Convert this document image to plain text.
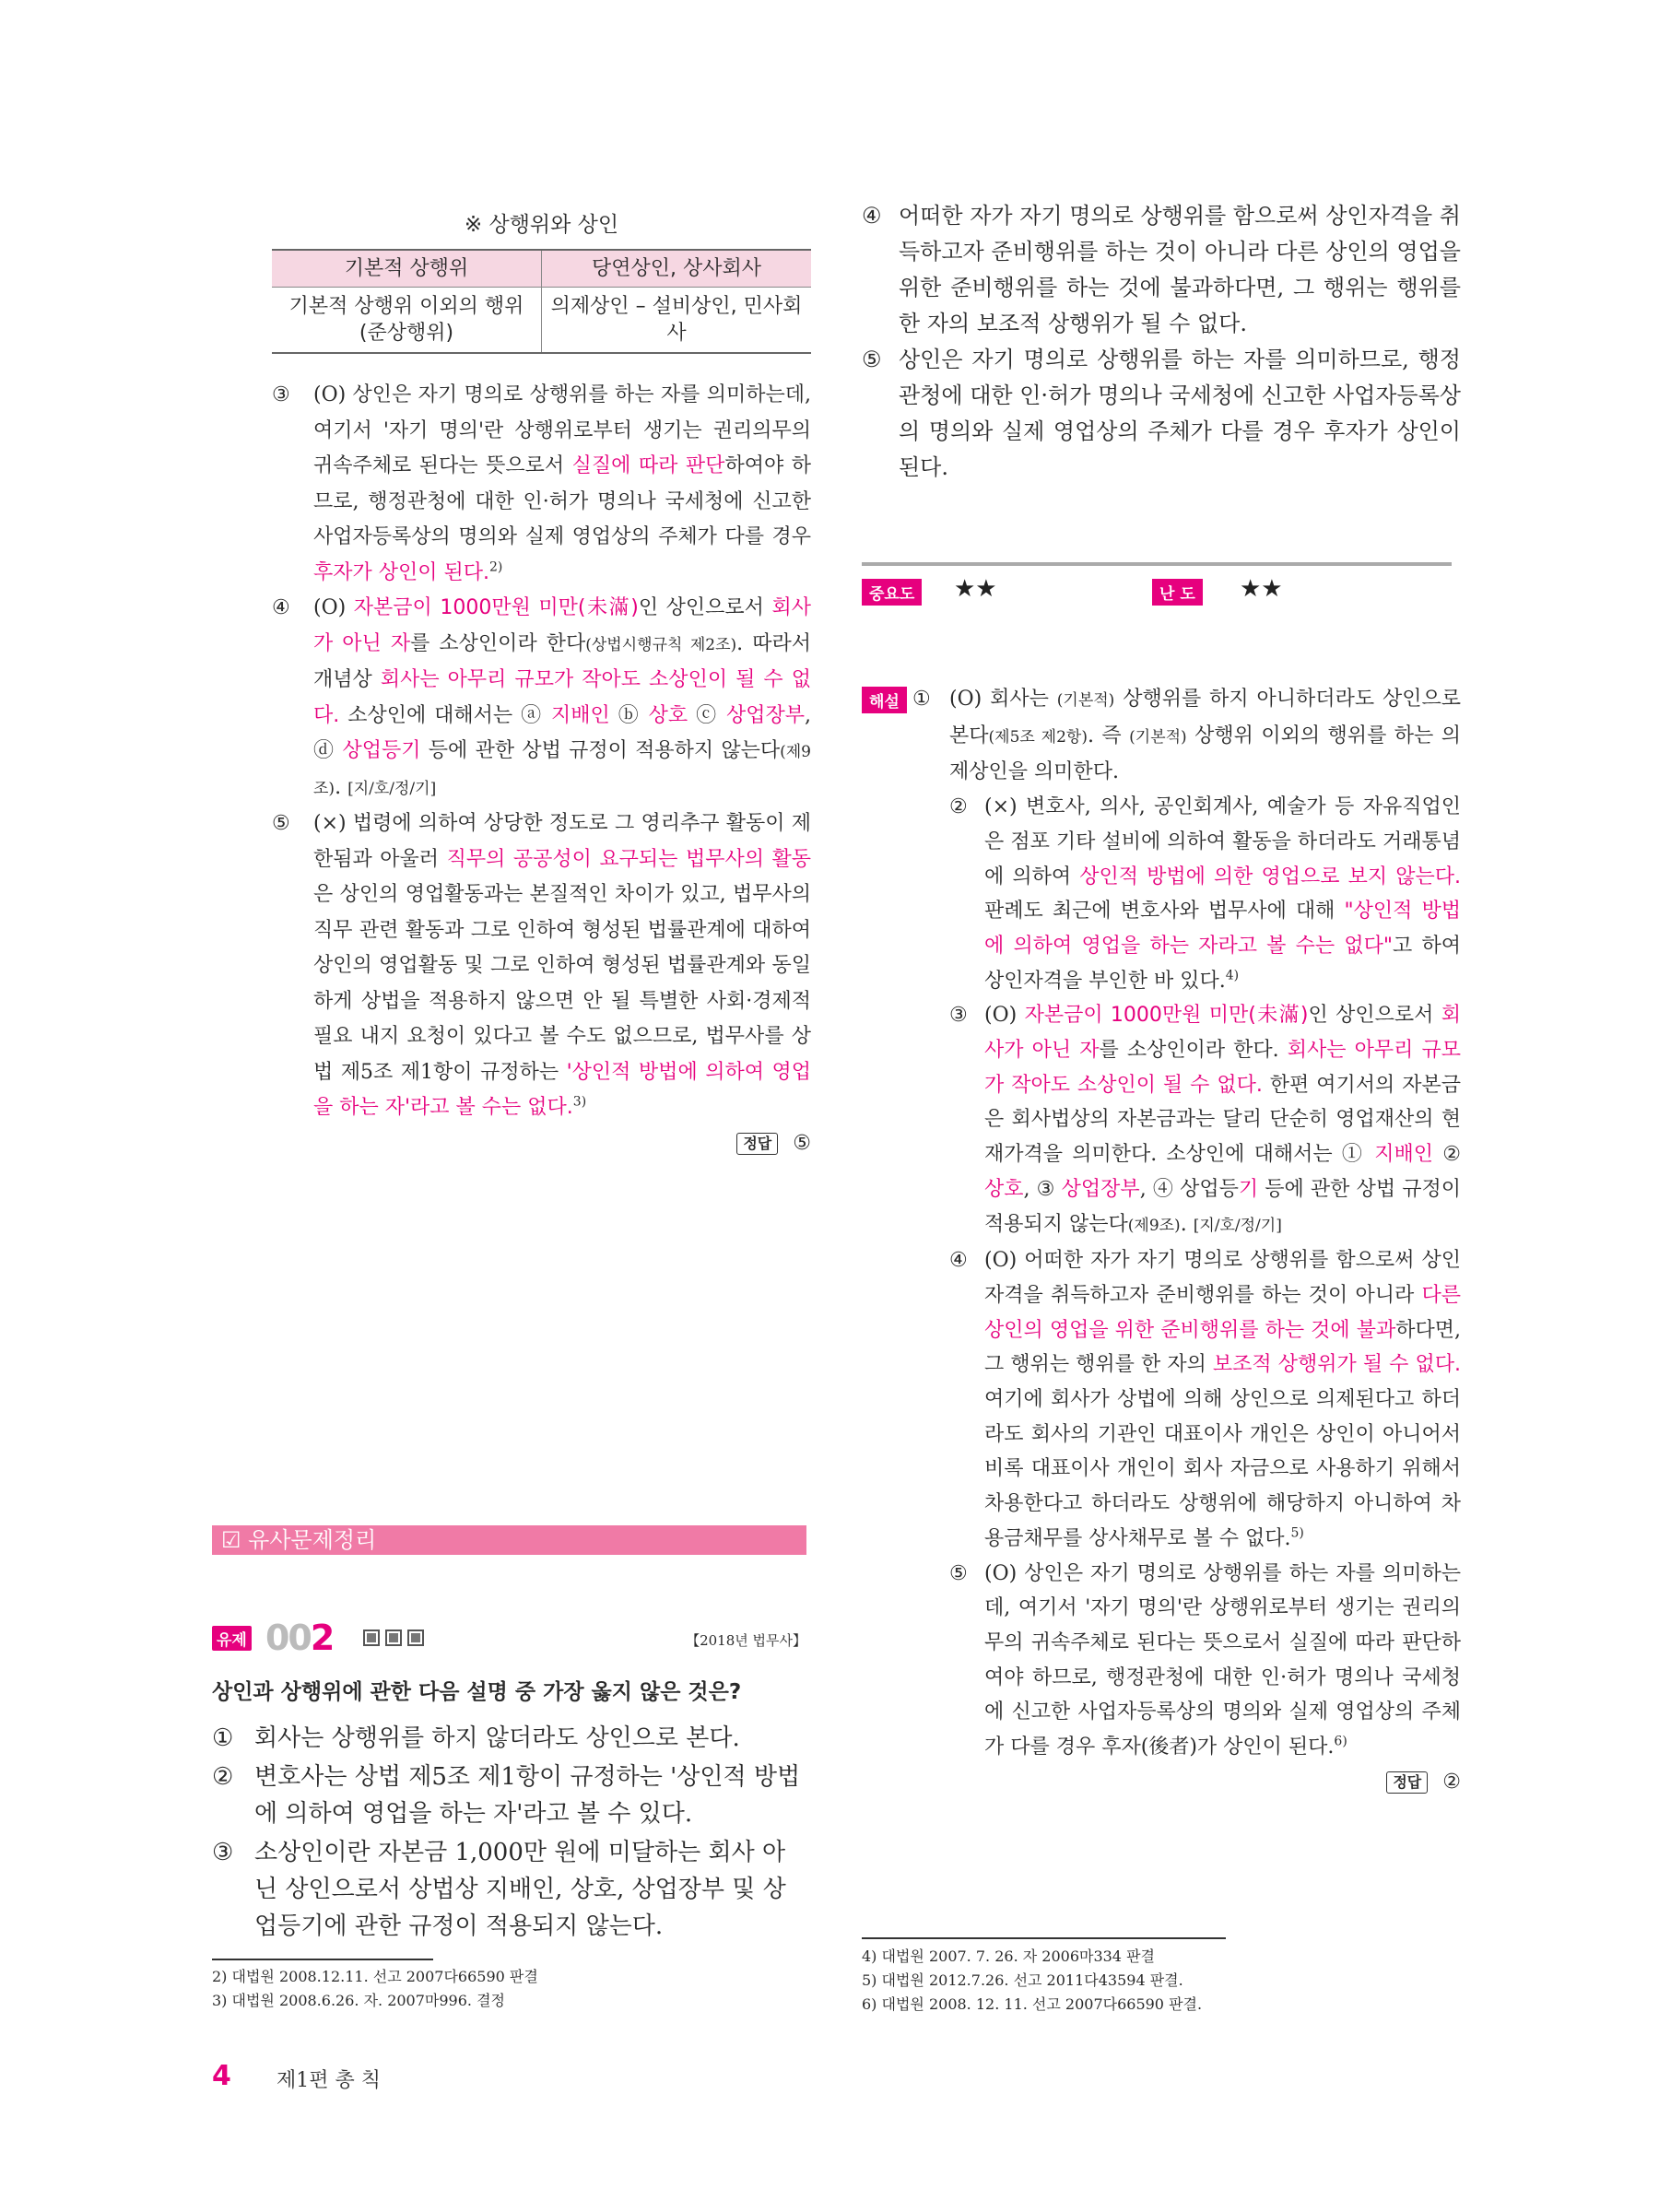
※ 상행위와 상인
기본적 상행위	당연상인, 상사회사
기본적 상행위 이외의 행위 (준상행위)	의제상인 – 설비상인, 민사회사
③	(O) 상인은 자기 명의로 상행위를 하는 자를 의미하는데, 여기서 '자기 명의'란 상행위로부터 생기는 권리의무의 귀속주체로 된다는 뜻으로서 실질에 따라 판단하여야 하므로, 행정관청에 대한 인·허가 명의나 국세청에 신고한 사업자등록상의 명의와 실제 영업상의 주체가 다를 경우 후자가 상인이 된다.$^{2)}$
④	(O) 자본금이 1000만원 미만(未滿)인 상인으로서 회사가 아닌 자를 소상인이라 한다(상법시행규칙 제2조). 따라서 개념상 회사는 아무리 규모가 작아도 소상인이 될 수 없다. 소상인에 대해서는 ⓐ 지배인 ⓑ 상호 ⓒ 상업장부, ⓓ 상업등기 등에 관한 상법 규정이 적용하지 않는다(제9조). [지/호/정/기]
⑤	(×) 법령에 의하여 상당한 정도로 그 영리추구 활동이 제한됨과 아울러 직무의 공공성이 요구되는 법무사의 활동은 상인의 영업활동과는 본질적인 차이가 있고, 법무사의 직무 관련 활동과 그로 인하여 형성된 법률관계에 대하여 상인의 영업활동 및 그로 인하여 형성된 법률관계와 동일하게 상법을 적용하지 않으면 안 될 특별한 사회·경제적 필요 내지 요청이 있다고 볼 수도 없으므로, 법무사를 상법 제5조 제1항이 규정하는 '상인적 방법에 의하여 영업을 하는 자'라고 볼 수는 없다.$^{3)}$
정답 ⑤
☑ 유사문제정리
유제 002	【2018년 법무사】
상인과 상행위에 관한 다음 설명 중 가장 옳지 않은 것은?
① 회사는 상행위를 하지 않더라도 상인으로 본다.
② 변호사는 상법 제5조 제1항이 규정하는 '상인적 방법에 의하여 영업을 하는 자'라고 볼 수 있다.
③ 소상인이란 자본금 1,000만 원에 미달하는 회사 아닌 상인으로서 상법상 지배인, 상호, 상업장부 및 상업등기에 관한 규정이 적용되지 않는다.
2) 대법원 2008.12.11. 선고 2007다66590 판결
3) 대법원 2008.6.26. 자. 2007마996. 결정
④ 어떠한 자가 자기 명의로 상행위를 함으로써 상인자격을 취득하고자 준비행위를 하는 것이 아니라 다른 상인의 영업을 위한 준비행위를 하는 것에 불과하다면, 그 행위는 행위를 한 자의 보조적 상행위가 될 수 없다.
⑤ 상인은 자기 명의로 상행위를 하는 자를 의미하므로, 행정관청에 대한 인·허가 명의나 국세청에 신고한 사업자등록상의 명의와 실제 영업상의 주체가 다를 경우 후자가 상인이 된다.
중요도	★★	난 도	★★
해설 ① (O) 회사는 (기본적) 상행위를 하지 아니하더라도 상인으로 본다(제5조 제2항). 즉 (기본적) 상행위 이외의 행위를 하는 의제상인을 의미한다.
② (×) 변호사, 의사, 공인회계사, 예술가 등 자유직업인은 점포 기타 설비에 의하여 활동을 하더라도 거래통념에 의하여 상인적 방법에 의한 영업으로 보지 않는다. 판례도 최근에 변호사와 법무사에 대해 "상인적 방법에 의하여 영업을 하는 자라고 볼 수는 없다"고 하여 상인자격을 부인한 바 있다.$^{4)}$
③ (O) 자본금이 1000만원 미만(未滿)인 상인으로서 회사가 아닌 자를 소상인이라 한다. 회사는 아무리 규모가 작아도 소상인이 될 수 없다. 한편 여기서의 자본금은 회사법상의 자본금과는 달리 단순히 영업재산의 현재가격을 의미한다. 소상인에 대해서는 ① 지배인 ② 상호, ③ 상업장부, ④ 상업등기 등에 관한 상법 규정이 적용되지 않는다(제9조). [지/호/정/기]
④ (O) 어떠한 자가 자기 명의로 상행위를 함으로써 상인자격을 취득하고자 준비행위를 하는 것이 아니라 다른 상인의 영업을 위한 준비행위를 하는 것에 불과하다면, 그 행위는 행위를 한 자의 보조적 상행위가 될 수 없다. 여기에 회사가 상법에 의해 상인으로 의제된다고 하더라도 회사의 기관인 대표이사 개인은 상인이 아니어서 비록 대표이사 개인이 회사 자금으로 사용하기 위해서 차용한다고 하더라도 상행위에 해당하지 아니하여 차용금채무를 상사채무로 볼 수 없다.$^{5)}$
⑤ (O) 상인은 자기 명의로 상행위를 하는 자를 의미하는데, 여기서 '자기 명의'란 상행위로부터 생기는 권리의무의 귀속주체로 된다는 뜻으로서 실질에 따라 판단하여야 하므로, 행정관청에 대한 인·허가 명의나 국세청에 신고한 사업자등록상의 명의와 실제 영업상의 주체가 다를 경우 후자(後者)가 상인이 된다.$^{6)}$
정답 ②
4) 대법원 2007. 7. 26. 자 2006마334 판결
5) 대법원 2012.7.26. 선고 2011다43594 판결.
6) 대법원 2008. 12. 11. 선고 2007다66590 판결.
4 제1편 총 칙
